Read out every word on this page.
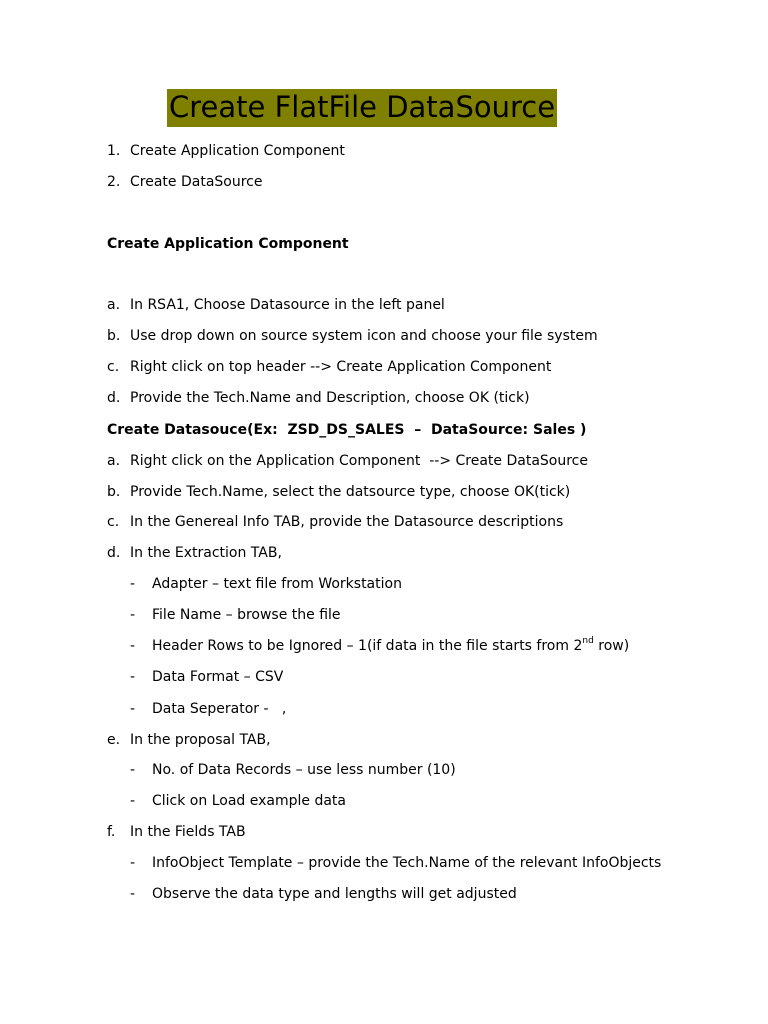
Create FlatFile DataSource
1. Create Application Component
2. Create DataSource
Create Application Component
a. In RSA1, Choose Datasource in the left panel
b. Use drop down on source system icon and choose your file system
c. Right click on top header --> Create Application Component
d. Provide the Tech.Name and Description, choose OK (tick)
Create Datasouce(Ex:  ZSD_DS_SALES  –  DataSource: Sales )
a. Right click on the Application Component  --> Create DataSource
b. Provide Tech.Name, select the datsource type, choose OK(tick)
c. In the Genereal Info TAB, provide the Datasource descriptions
d. In the Extraction TAB,
- Adapter – text file from Workstation
- File Name – browse the file
- Header Rows to be Ignored – 1(if data in the file starts from 2nd row)
- Data Format – CSV
- Data Seperator -   ,
e. In the proposal TAB,
- No. of Data Records – use less number (10)
- Click on Load example data
f. In the Fields TAB
- InfoObject Template – provide the Tech.Name of the relevant InfoObjects
- Observe the data type and lengths will get adjusted
